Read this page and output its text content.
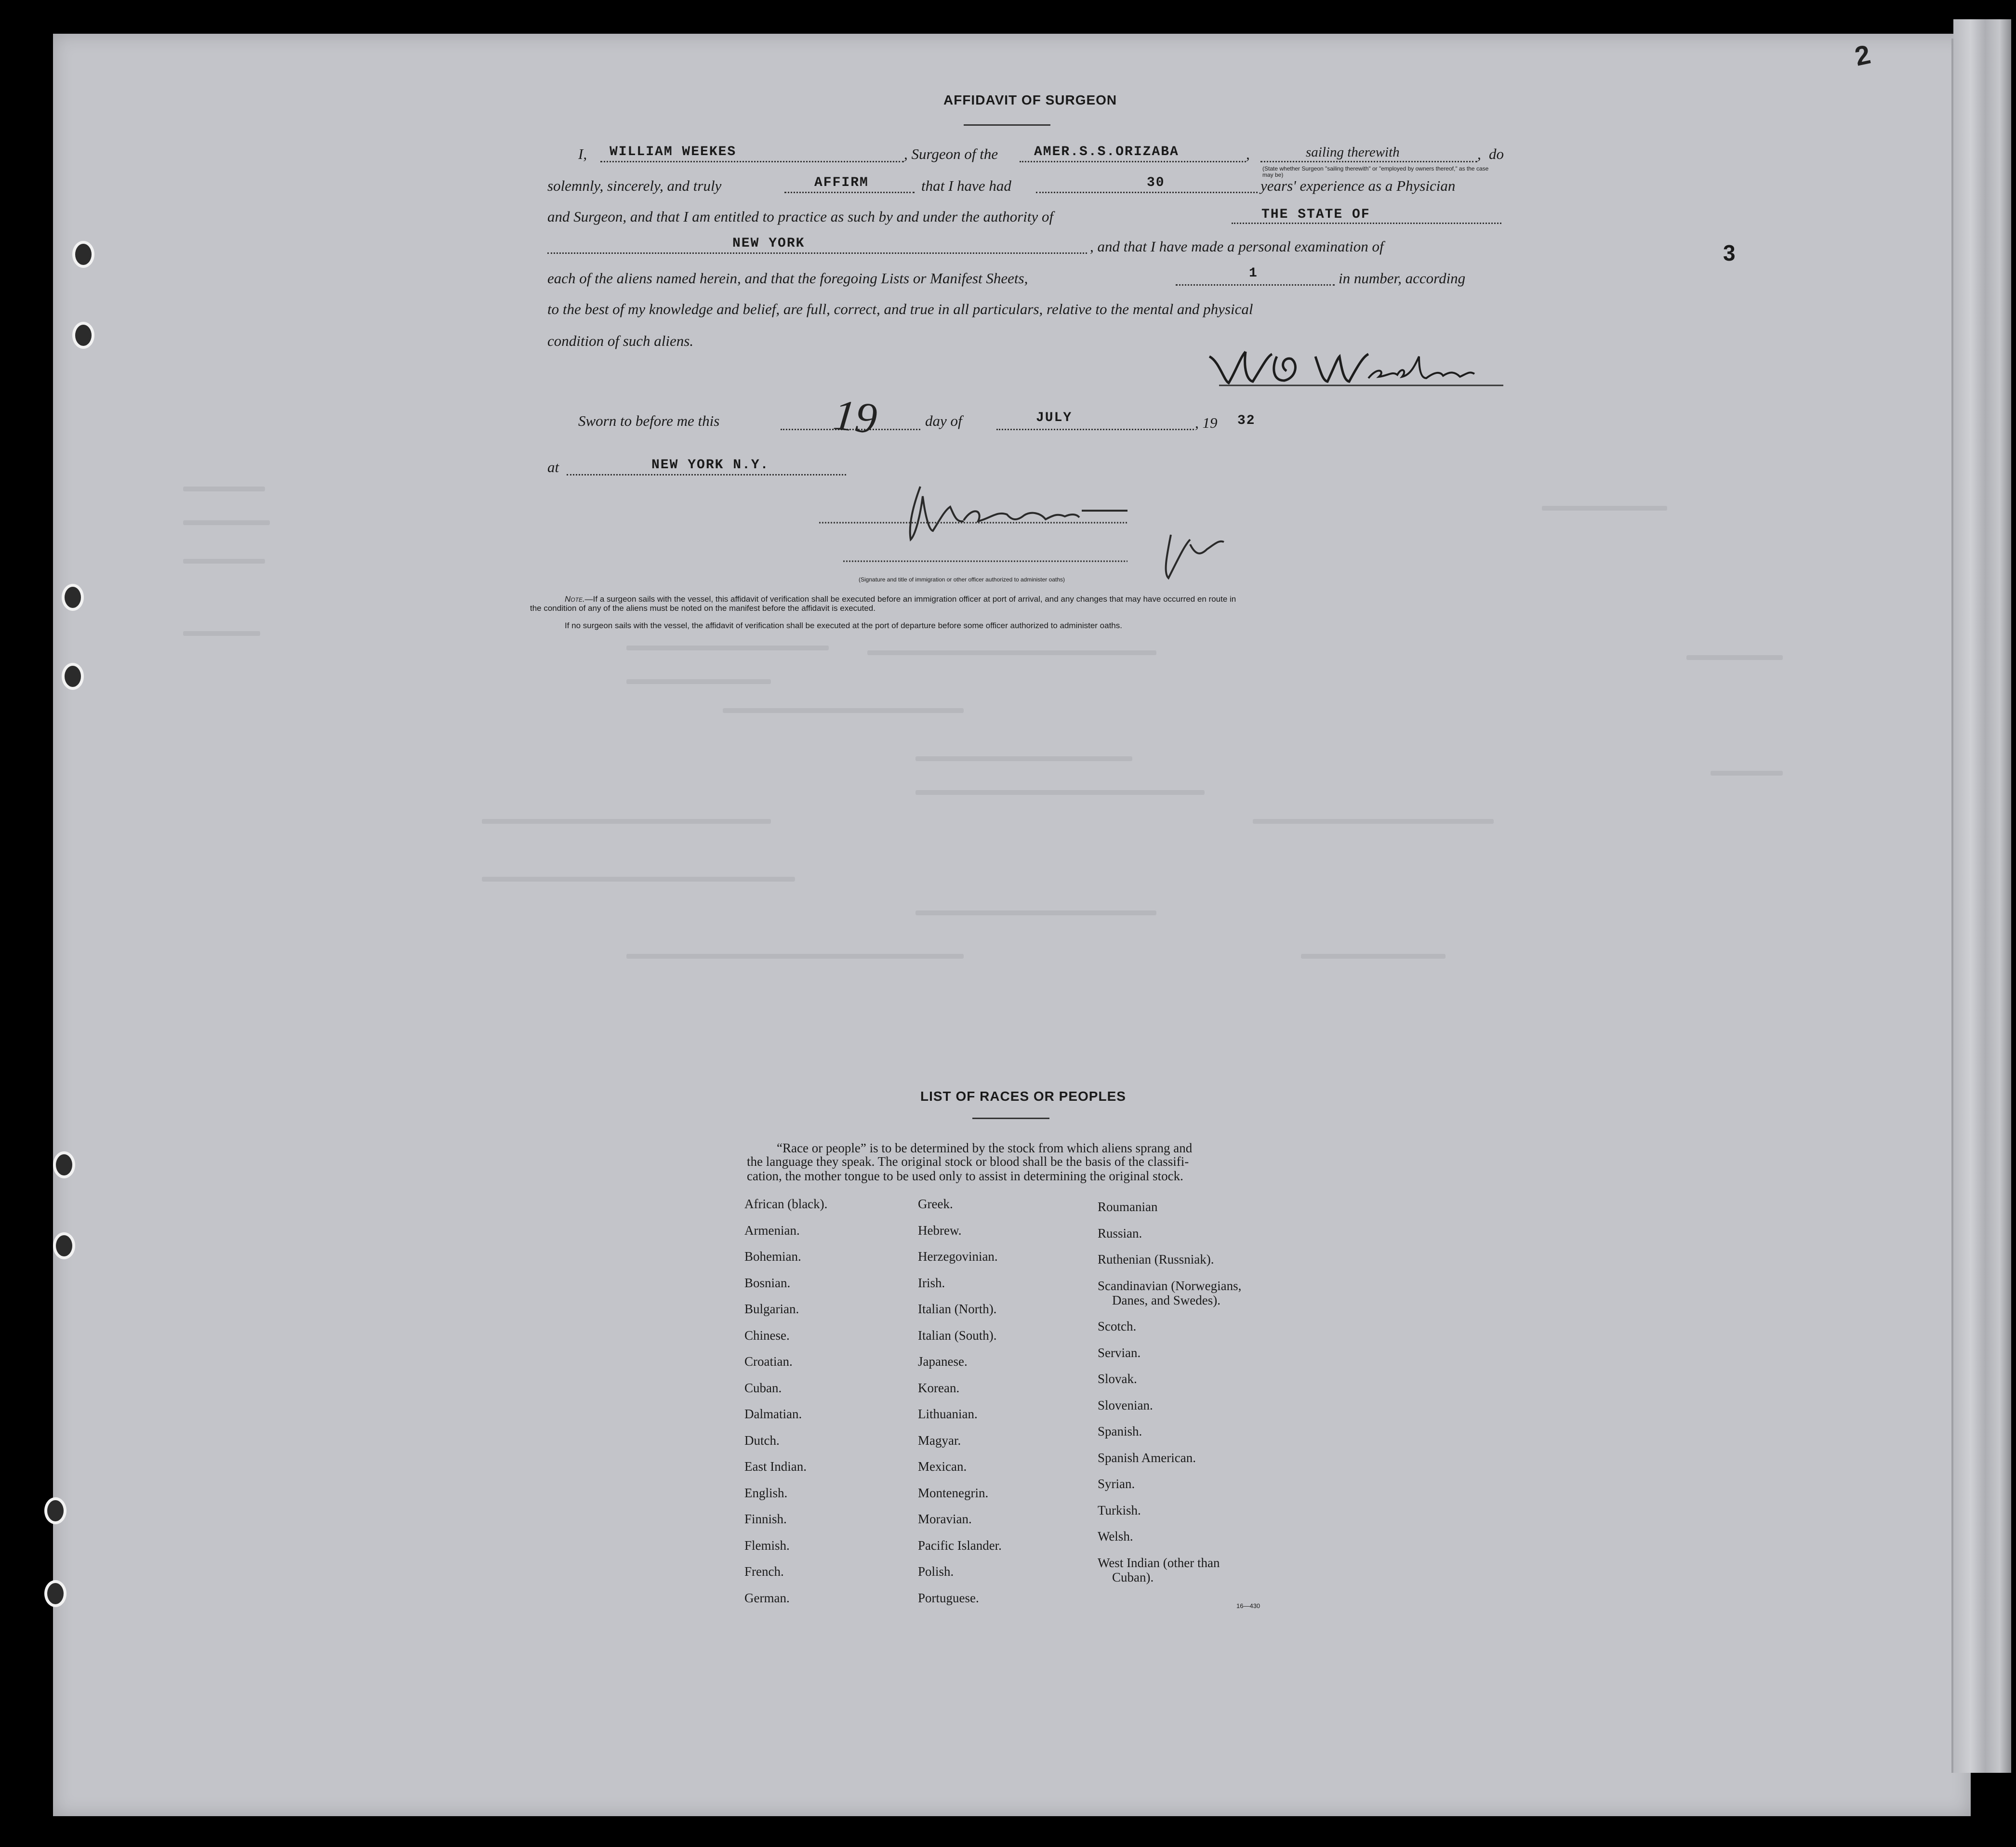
2
3
AFFIDAVIT OF SURGEON
I, WILLIAM WEEKES	, Surgeon of the	AMER.S.S.ORIZABA	,	sailing therewith	, do
(State whether Surgeon "sailing therewith" or "employed by owners thereof," as the case may be)
solemnly, sincerely, and truly	AFFIRM	that I have had	30	years' experience as a Physician
and Surgeon, and that I am entitled to practice as such by and under the authority of	THE STATE OF
NEW YORK	, and that I have made a personal examination of
each of the aliens named herein, and that the foregoing Lists or Manifest Sheets,	1	in number, according
to the best of my knowledge and belief, are full, correct, and true in all particulars, relative to the mental and physical
condition of such aliens.
Sworn to before me this	19	day of	JULY	, 19 32
at	NEW YORK N.Y.
(Signature and title of immigration or other officer authorized to administer oaths)
Note.—If a surgeon sails with the vessel, this affidavit of verification shall be executed before an immigration officer at port of arrival, and any changes that may have occurred en route in
the condition of any of the aliens must be noted on the manifest before the affidavit is executed.
If no surgeon sails with the vessel, the affidavit of verification shall be executed at the port of departure before some officer authorized to administer oaths.
LIST OF RACES OR PEOPLES
“Race or people” is to be determined by the stock from which aliens sprang and
the language they speak. The original stock or blood shall be the basis of the classifi-
cation, the mother tongue to be used only to assist in determining the original stock.
African (black).
Armenian.
Bohemian.
Bosnian.
Bulgarian.
Chinese.
Croatian.
Cuban.
Dalmatian.
Dutch.
East Indian.
English.
Finnish.
Flemish.
French.
German.
Greek.
Hebrew.
Herzegovinian.
Irish.
Italian (North).
Italian (South).
Japanese.
Korean.
Lithuanian.
Magyar.
Mexican.
Montenegrin.
Moravian.
Pacific Islander.
Polish.
Portuguese.
Roumanian
Russian.
Ruthenian (Russniak).
Scandinavian (Norwegians,
Danes, and Swedes).
Scotch.
Servian.
Slovak.
Slovenian.
Spanish.
Spanish American.
Syrian.
Turkish.
Welsh.
West Indian (other than
Cuban).
16—430
